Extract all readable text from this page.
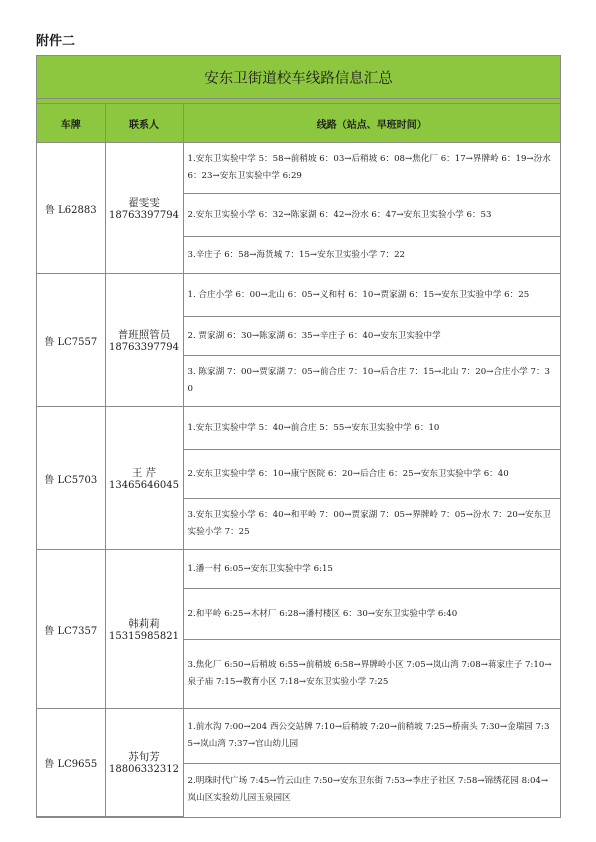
附件二
安东卫街道校车线路信息汇总
车牌	联系人	线路（站点、早班时间）
鲁 L62883	翟雯雯
18763397794	1.安东卫实验中学 5：58→前稍坡 6：03→后稍坡 6：08→焦化厂 6：17→界牌岭 6：19→汾水 6：23→安东卫实验中学 6:29
		2.安东卫实验小学 6：32→陈家湖 6：42→汾水 6：47→安东卫实验小学 6：53
		3.辛庄子 6：58→海货城 7：15→安东卫实验小学 7：22
鲁 LC7557	普班照管员
18763397794	1. 合庄小学 6：00→北山 6：05→义和村 6：10→贾家湖 6：15→安东卫实验中学 6：25
		2. 贾家湖 6：30→陈家湖 6：35→辛庄子 6：40→安东卫实验中学
		3. 陈家湖 7：00→贾家湖 7：05→前合庄 7：10→后合庄 7：15→北山 7：20→合庄小学 7：30
鲁 LC5703	王 芹
13465646045	1.安东卫实验中学 5：40→前合庄 5：55→安东卫实验中学 6：10
		2.安东卫实验中学 6：10→康宁医院 6：20→后合庄 6：25→安东卫实验中学 6：40
		3.安东卫实验小学 6：40→和平岭 7：00→贾家湖 7：05→界牌岭 7：05→汾水 7：20→安东卫实验小学 7：25
鲁 LC7357	韩莉莉
15315985821	1.潘一村 6:05→安东卫实验中学 6:15
		2.和平岭 6:25→木材厂 6:28→潘村楼区 6：30→安东卫实验中学 6:40
		3.焦化厂 6:50→后稍坡 6:55→前稍坡 6:58→界牌岭小区 7:05→岚山湾 7:08→蒋家庄子 7:10→泉子庙 7:15→教育小区 7:18→安东卫实验小学 7:25
鲁 LC9655	苏旬芳
18806332312	1.前水沟 7:00→204 西公交站牌 7:10→后稍坡 7:20→前稍坡 7:25→桥南头 7:30→金瑞园 7:35→岚山湾 7:37→官山幼儿园
		2.明珠时代广场 7:45→竹云山庄 7:50→安东卫东街 7:53→李庄子社区 7:58→锦绣花园 8:04→岚山区实验幼儿园玉泉园区
